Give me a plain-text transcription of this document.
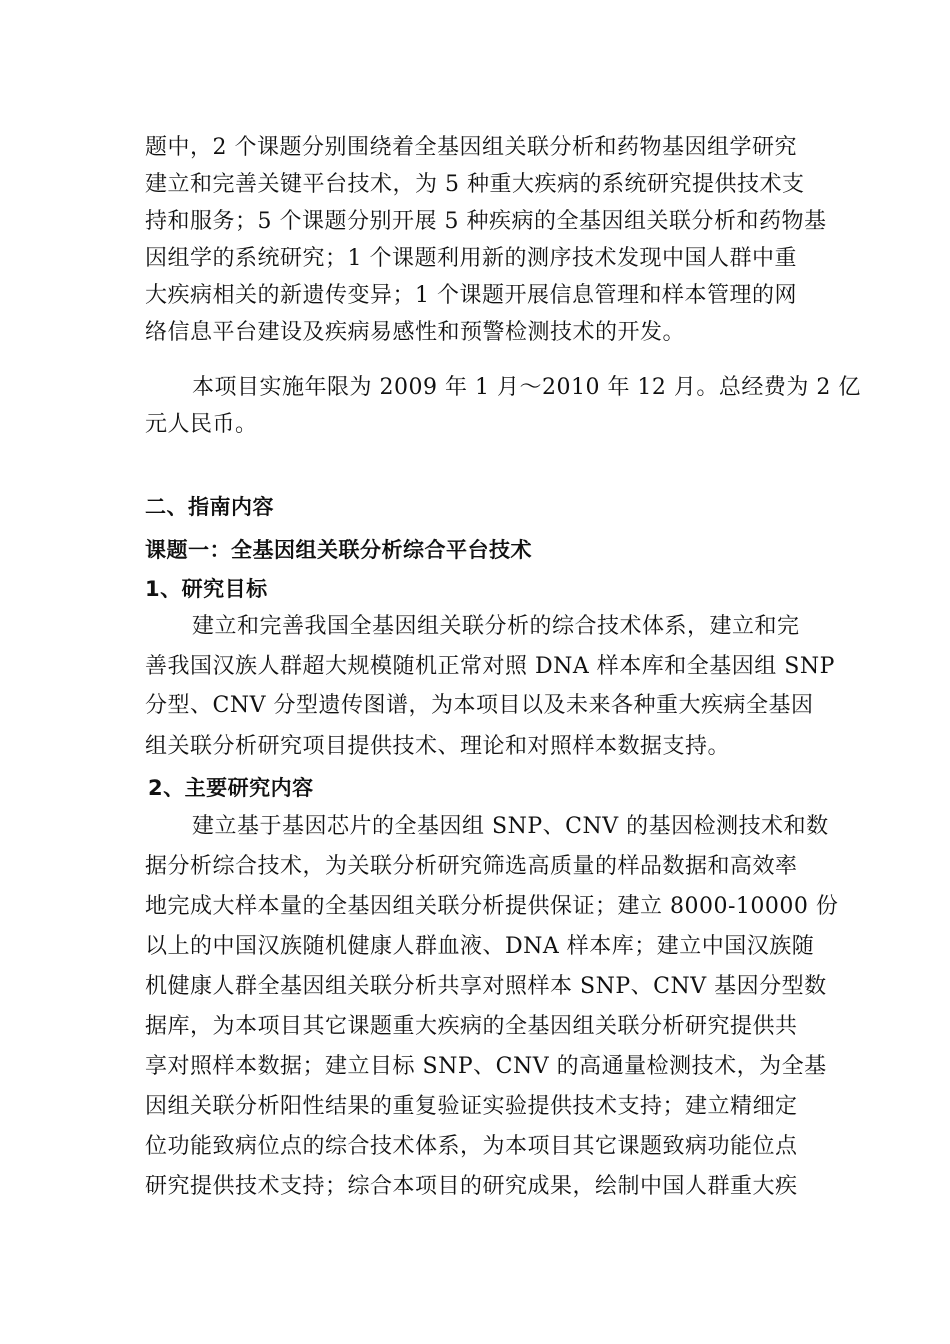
题中，2 个课题分别围绕着全基因组关联分析和药物基因组学研究
建立和完善关键平台技术，为 5 种重大疾病的系统研究提供技术支
持和服务；5 个课题分别开展 5 种疾病的全基因组关联分析和药物基
因组学的系统研究；1 个课题利用新的测序技术发现中国人群中重
大疾病相关的新遗传变异；1 个课题开展信息管理和样本管理的网
络信息平台建设及疾病易感性和预警检测技术的开发。
本项目实施年限为 2009 年 1 月～2010 年 12 月。总经费为 2 亿
元人民币。
二、指南内容
课题一：全基因组关联分析综合平台技术
1、研究目标
建立和完善我国全基因组关联分析的综合技术体系，建立和完
善我国汉族人群超大规模随机正常对照 DNA 样本库和全基因组 SNP
分型、CNV 分型遗传图谱，为本项目以及未来各种重大疾病全基因
组关联分析研究项目提供技术、理论和对照样本数据支持。
2、主要研究内容
建立基于基因芯片的全基因组 SNP、CNV 的基因检测技术和数
据分析综合技术，为关联分析研究筛选高质量的样品数据和高效率
地完成大样本量的全基因组关联分析提供保证；建立 8000-10000 份
以上的中国汉族随机健康人群血液、DNA 样本库；建立中国汉族随
机健康人群全基因组关联分析共享对照样本 SNP、CNV 基因分型数
据库，为本项目其它课题重大疾病的全基因组关联分析研究提供共
享对照样本数据；建立目标 SNP、CNV 的高通量检测技术，为全基
因组关联分析阳性结果的重复验证实验提供技术支持；建立精细定
位功能致病位点的综合技术体系，为本项目其它课题致病功能位点
研究提供技术支持；综合本项目的研究成果，绘制中国人群重大疾
